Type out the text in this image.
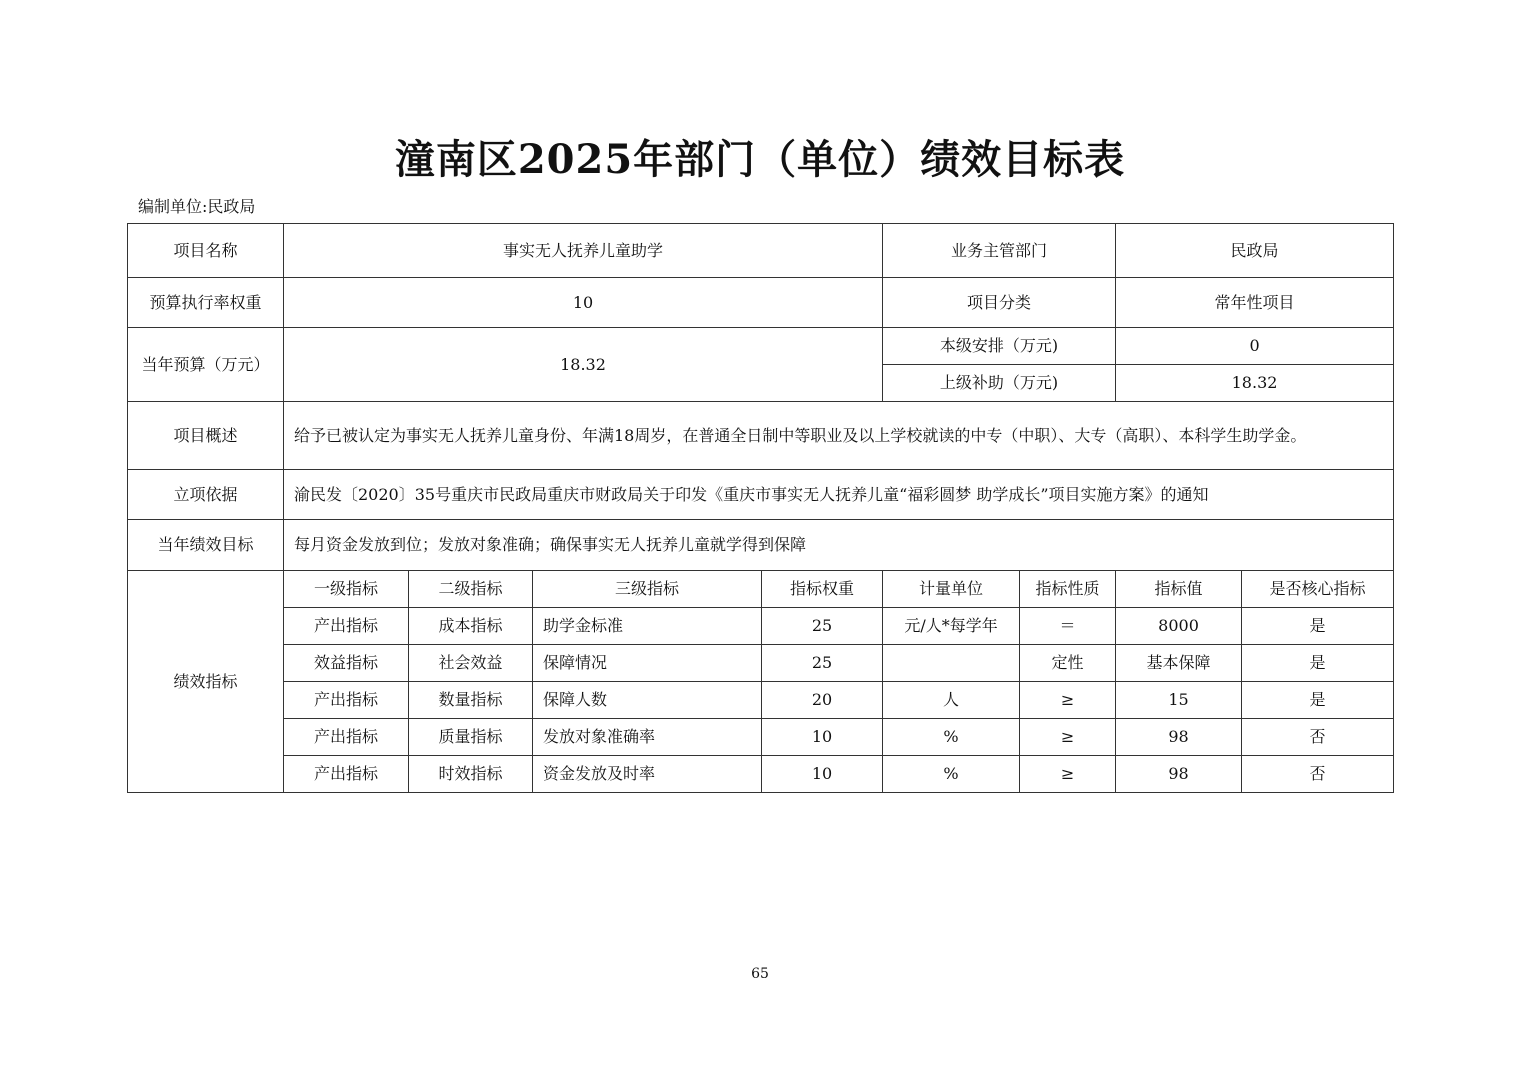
潼南区2025年部门（单位）绩效目标表
编制单位:民政局
项目名称	事实无人抚养儿童助学				业务主管部门		民政局	
预算执行率权重	10				项目分类		常年性项目	
当年预算（万元）	18.32				本级安排（万元)		0	
					上级补助（万元)		18.32	
项目概述	给予已被认定为事实无人抚养儿童身份、年满18周岁，在普通全日制中等职业及以上学校就读的中专（中职）、大专（高职）、本科学生助学金。							
立项依据	渝民发〔2020〕35号重庆市民政局重庆市财政局关于印发《重庆市事实无人抚养儿童“福彩圆梦 助学成长”项目实施方案》的通知							
当年绩效目标	每月资金发放到位；发放对象准确；确保事实无人抚养儿童就学得到保障							
绩效指标	一级指标	二级指标	三级指标	指标权重	计量单位	指标性质	指标值	是否核心指标
	产出指标	成本指标	助学金标准	25	元/人*每学年	＝	8000	是
	效益指标	社会效益	保障情况	25		定性	基本保障	是
	产出指标	数量指标	保障人数	20	人	≥	15	是
	产出指标	质量指标	发放对象准确率	10	%	≥	98	否
	产出指标	时效指标	资金发放及时率	10	%	≥	98	否
65
